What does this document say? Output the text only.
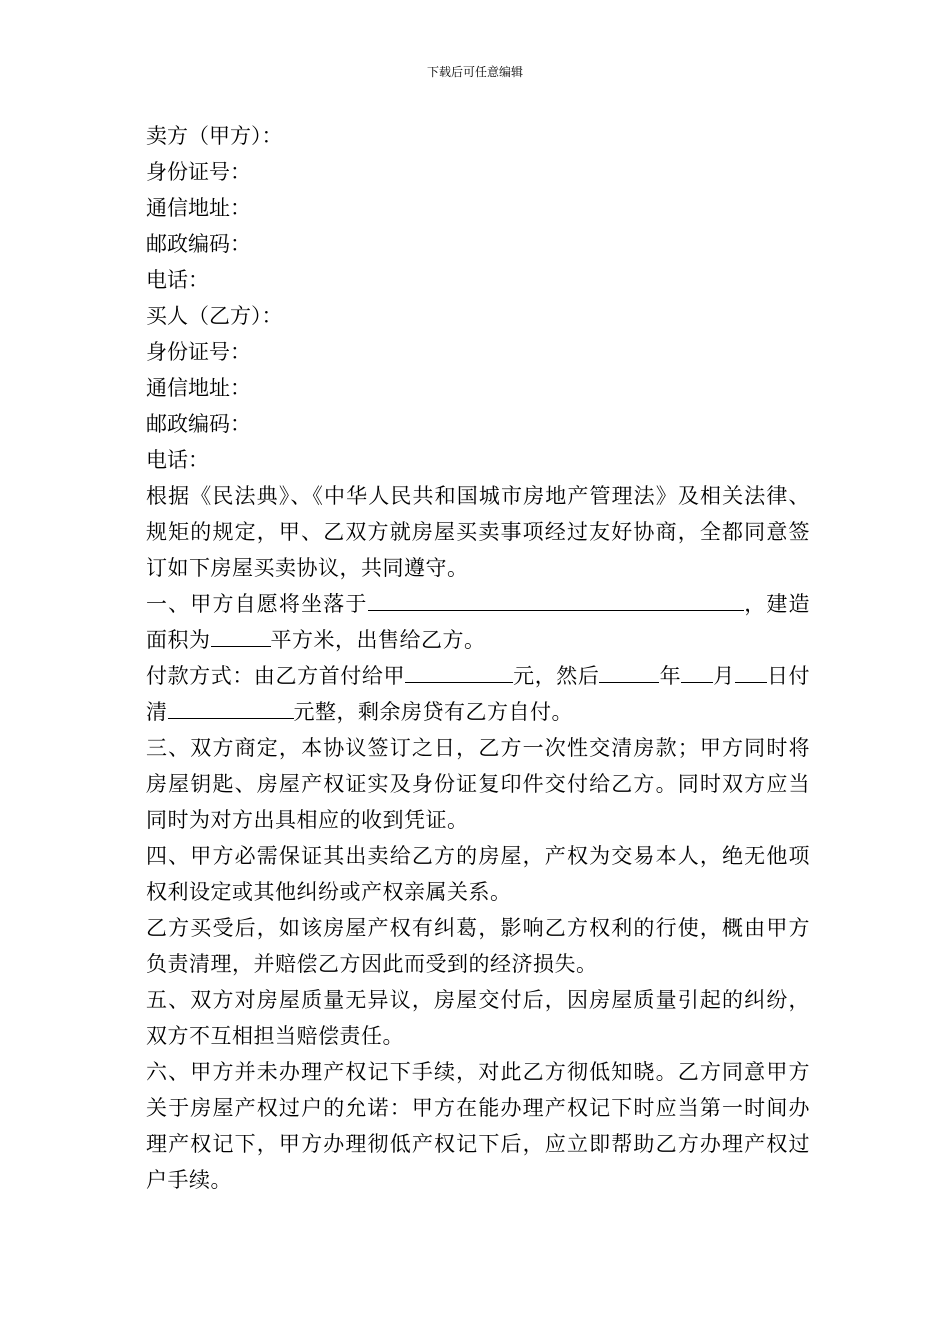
下载后可任意编辑
卖方（甲方）：
身份证号：
通信地址：
邮政编码：
电话：
买人（乙方）：
身份证号：
通信地址：
邮政编码：
电话：
根据《民法典》、《中华人民共和国城市房地产管理法》及相关法律、规矩的规定，甲、乙双方就房屋买卖事项经过友好协商，全都同意签订如下房屋买卖协议，共同遵守。
一、甲方自愿将坐落于	，建造面积为	平方米，出售给乙方。
付款方式：由乙方首付给甲	元，然后	年 月 日付清	元整，剩余房贷有乙方自付。
三、双方商定，本协议签订之日，乙方一次性交清房款；甲方同时将房屋钥匙、房屋产权证实及身份证复印件交付给乙方。同时双方应当同时为对方出具相应的收到凭证。
四、甲方必需保证其出卖给乙方的房屋，产权为交易本人，绝无他项权利设定或其他纠纷或产权亲属关系。
乙方买受后，如该房屋产权有纠葛，影响乙方权利的行使，概由甲方负责清理，并赔偿乙方因此而受到的经济损失。
五、双方对房屋质量无异议，房屋交付后，因房屋质量引起的纠纷，双方不互相担当赔偿责任。
六、甲方并未办理产权记下手续，对此乙方彻低知晓。乙方同意甲方关于房屋产权过户的允诺：甲方在能办理产权记下时应当第一时间办理产权记下，甲方办理彻低产权记下后，应立即帮助乙方办理产权过户手续。
